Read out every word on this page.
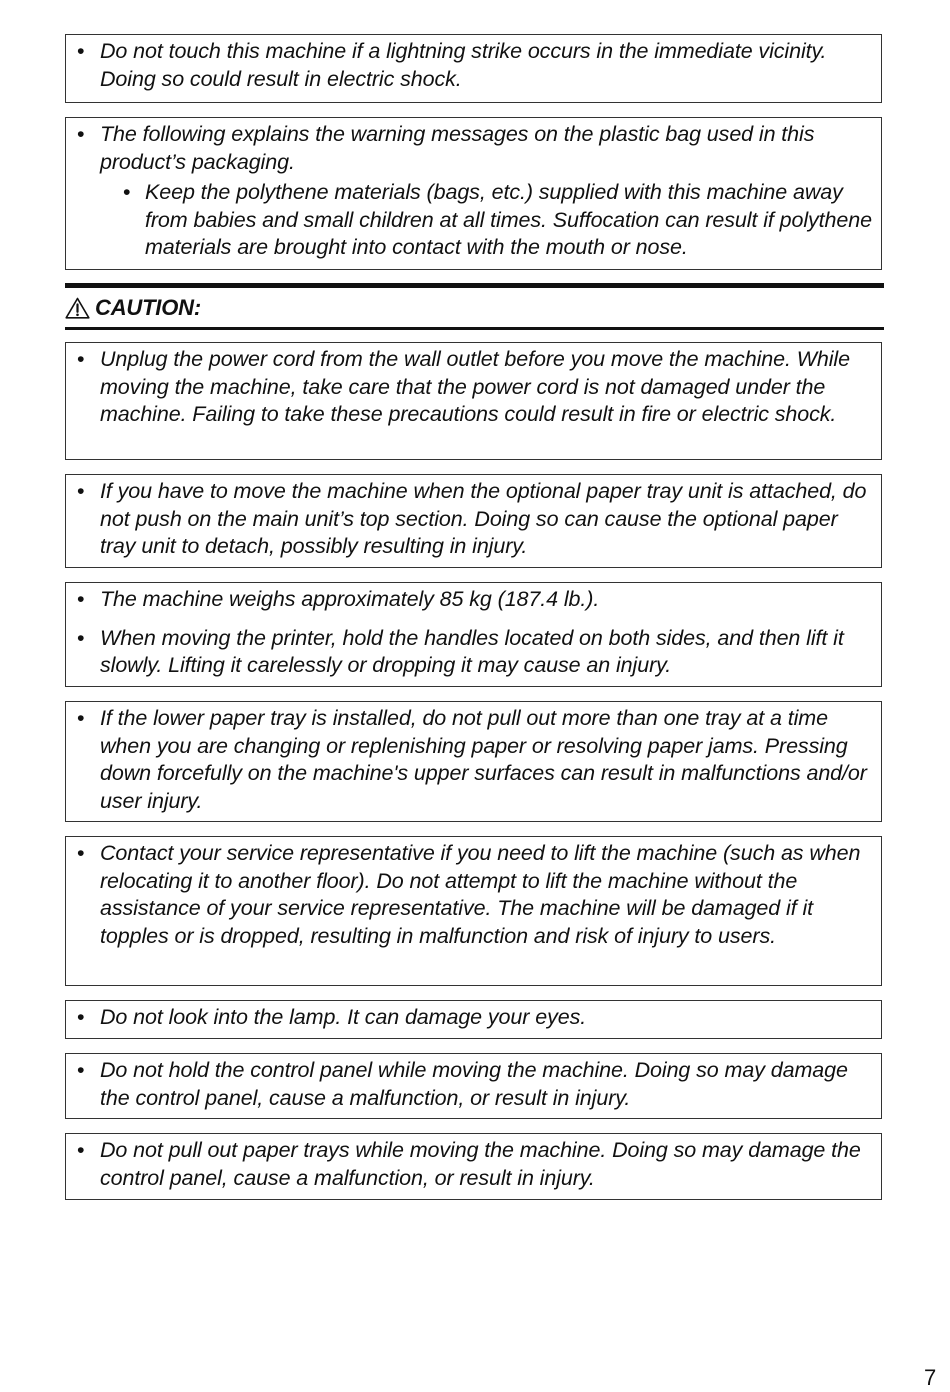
• Do not touch this machine if a lightning strike occurs in the immediate vicinity. Doing so could result in electric shock.

• The following explains the warning messages on the plastic bag used in this product’s packaging.

• Keep the polythene materials (bags, etc.) supplied with this machine away from babies and small children at all times. Suffocation can result if polythene materials are brought into contact with the mouth or nose.

CAUTION:

• Unplug the power cord from the wall outlet before you move the machine. While moving the machine, take care that the power cord is not damaged under the machine. Failing to take these precautions could result in fire or electric shock.

• If you have to move the machine when the optional paper tray unit is attached, do not push on the main unit’s top section. Doing so can cause the optional paper tray unit to detach, possibly resulting in injury.

• The machine weighs approximately 85 kg (187.4 lb.).

• When moving the printer, hold the handles located on both sides, and then lift it slowly. Lifting it carelessly or dropping it may cause an injury.

• If the lower paper tray is installed, do not pull out more than one tray at a time when you are changing or replenishing paper or resolving paper jams. Pressing down forcefully on the machine's upper surfaces can result in malfunctions and/or user injury.

• Contact your service representative if you need to lift the machine (such as when relocating it to another floor). Do not attempt to lift the machine without the assistance of your service representative. The machine will be damaged if it topples or is dropped, resulting in malfunction and risk of injury to users.

• Do not look into the lamp. It can damage your eyes.

• Do not hold the control panel while moving the machine. Doing so may damage the control panel, cause a malfunction, or result in injury.

• Do not pull out paper trays while moving the machine. Doing so may damage the control panel, cause a malfunction, or result in injury.

7
